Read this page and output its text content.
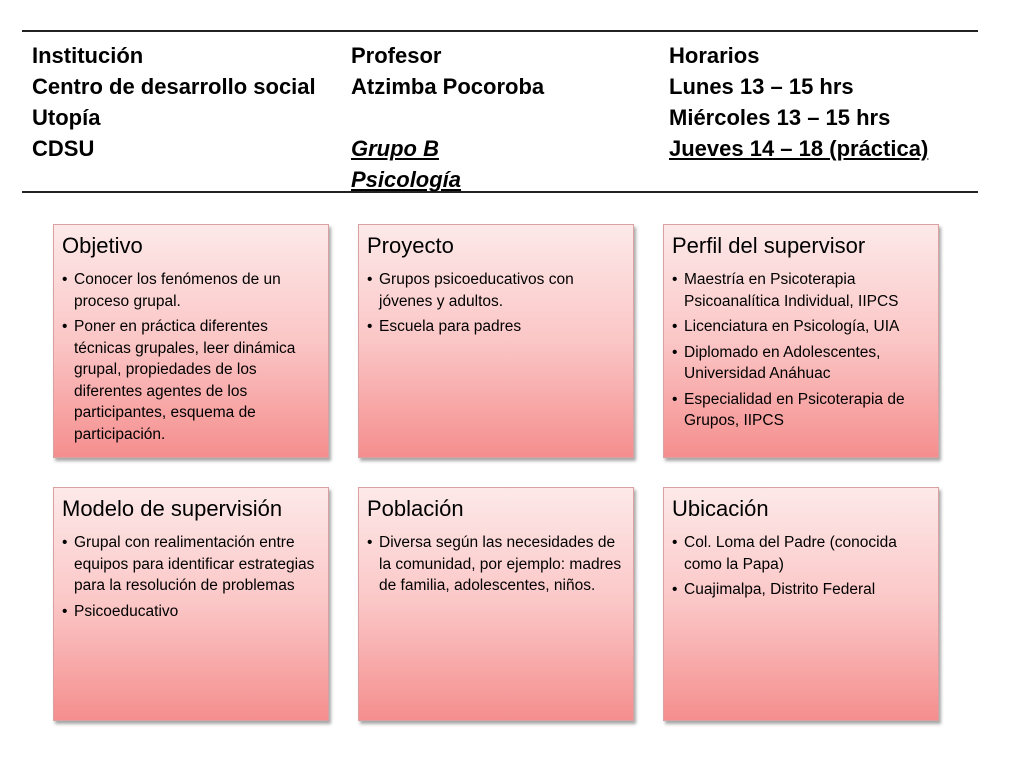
Institución
Centro de desarrollo social
Utopía
CDSU
Profesor
Atzimba Pocoroba
Grupo B
Psicología
Horarios
Lunes 13 – 15 hrs
Miércoles 13 – 15 hrs
Jueves 14 – 18 (práctica)
Objetivo
• Conocer los fenómenos de un proceso grupal.
• Poner en práctica diferentes técnicas grupales, leer dinámica grupal, propiedades de los diferentes agentes de los participantes, esquema de participación.
Proyecto
• Grupos psicoeducativos con jóvenes y adultos.
• Escuela para padres
Perfil del supervisor
• Maestría en Psicoterapia Psicoanalítica Individual, IIPCS
• Licenciatura en Psicología, UIA
• Diplomado en Adolescentes, Universidad Anáhuac
• Especialidad en Psicoterapia de Grupos, IIPCS
Modelo de supervisión
• Grupal con realimentación entre equipos para identificar estrategias para la resolución de problemas
• Psicoeducativo
Población
• Diversa según las necesidades de la comunidad, por ejemplo: madres de familia, adolescentes, niños.
Ubicación
• Col. Loma del Padre (conocida como la Papa)
• Cuajimalpa, Distrito Federal
